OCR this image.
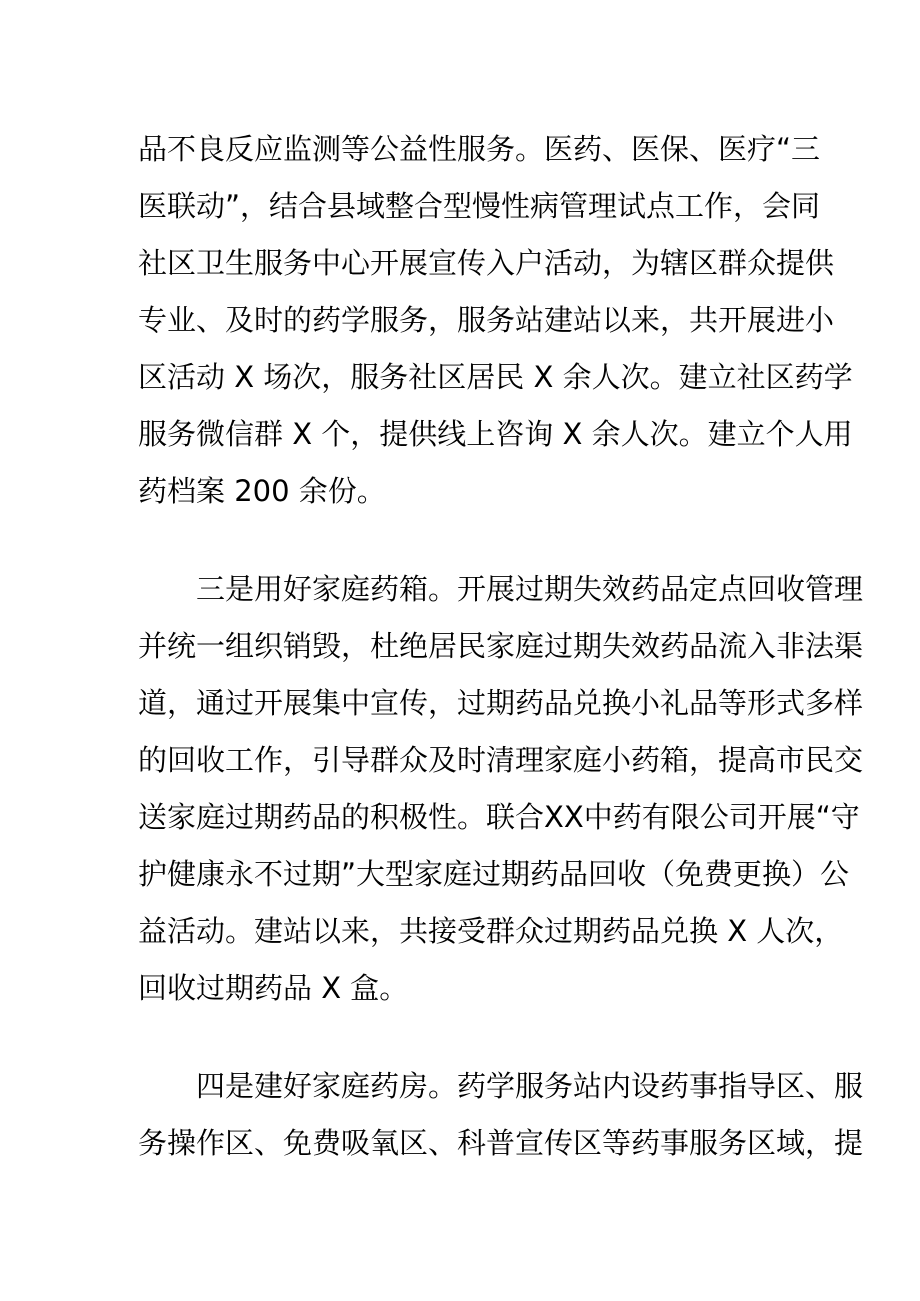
品不良反应监测等公益性服务。医药、医保、医疗“三
医联动”，结合县域整合型慢性病管理试点工作，会同
社区卫生服务中心开展宣传入户活动，为辖区群众提供
专业、及时的药学服务，服务站建站以来，共开展进小
区活动 X 场次，服务社区居民 X 余人次。建立社区药学
服务微信群 X 个，提供线上咨询 X 余人次。建立个人用
药档案 200 余份。
三是用好家庭药箱。开展过期失效药品定点回收管理
并统一组织销毁，杜绝居民家庭过期失效药品流入非法渠
道，通过开展集中宣传，过期药品兑换小礼品等形式多样
的回收工作，引导群众及时清理家庭小药箱，提高市民交
送家庭过期药品的积极性。联合XX中药有限公司开展“守
护健康永不过期”大型家庭过期药品回收（免费更换）公
益活动。建站以来，共接受群众过期药品兑换 X 人次，
回收过期药品 X 盒。
四是建好家庭药房。药学服务站内设药事指导区、服
务操作区、免费吸氧区、科普宣传区等药事服务区域，提
